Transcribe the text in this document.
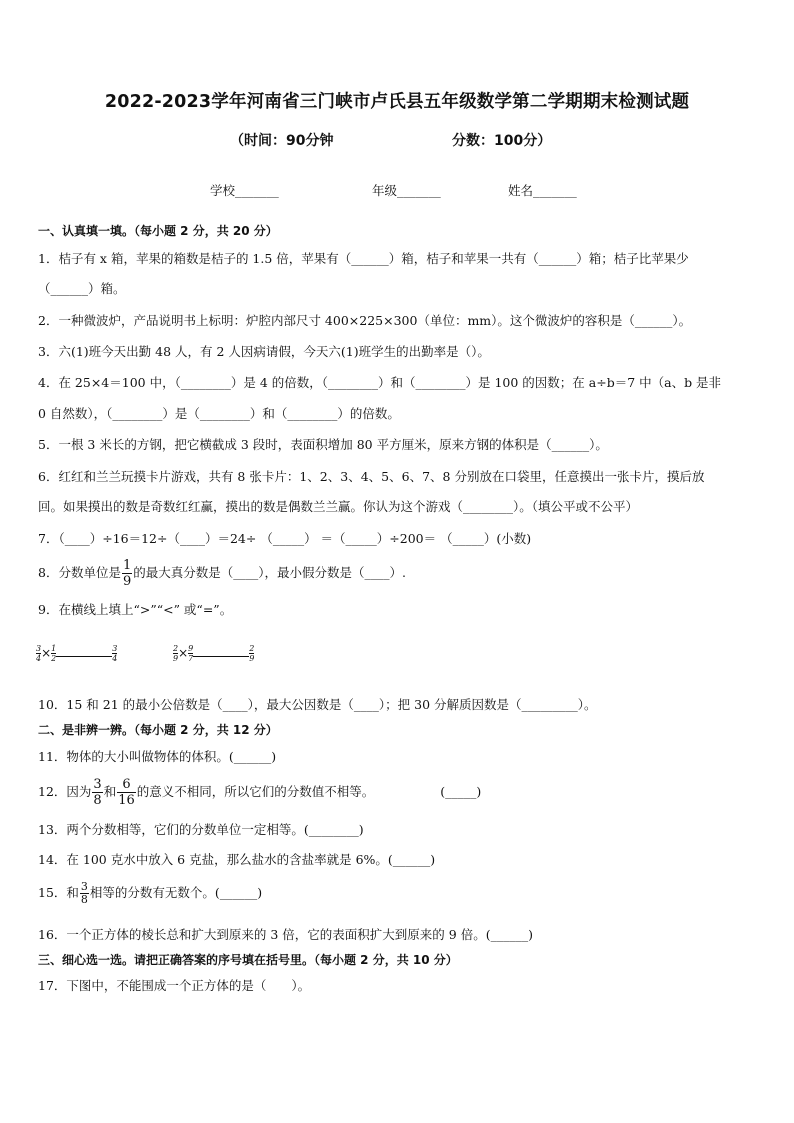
2022-2023学年河南省三门峡市卢氏县五年级数学第二学期期末检测试题
（时间：90分钟	分数：100分）
学校_______	年级_______	姓名_______
一、认真填一填。（每小题 2 分，共 20 分）
1．桔子有 x 箱，苹果的箱数是桔子的 1.5 倍，苹果有（______）箱，桔子和苹果一共有（______）箱；桔子比苹果少
（______）箱。
2．一种微波炉，产品说明书上标明：炉腔内部尺寸 400×225×300（单位：mm）。这个微波炉的容积是（______）。
3．六(1)班今天出勤 48 人，有 2 人因病请假，今天六(1)班学生的出勤率是（）。
4．在 25×4＝100 中，（________）是 4 的倍数，（________）和（________）是 100 的因数；在 a÷b＝7 中（a、b 是非
0 自然数），（________）是（________）和（________）的倍数。
5．一根 3 米长的方钢，把它横截成 3 段时，表面积增加 80 平方厘米，原来方钢的体积是（______）。
6．红红和兰兰玩摸卡片游戏，共有 8 张卡片：1、2、3、4、5、6、7、8 分别放在口袋里，任意摸出一张卡片，摸后放
回。如果摸出的数是奇数红红赢，摸出的数是偶数兰兰赢。你认为这个游戏（________）。（填公平或不公平）
7．（____）÷16＝12÷（____）＝24÷ （_____） ＝（_____）÷200＝ （_____）(小数)
8．分数单位是 $\frac{1}{9}$ 的最大真分数是（____），最小假分数是（____）.
9．在横线上填上“>”“<” 或“=”。
$\frac{3}{4} \times \frac{1}{2}$	$\frac{3}{4}$	$\frac{2}{9} \times \frac{9}{7}$	$\frac{2}{9}$
10．15 和 21 的最小公倍数是（____），最大公因数是（____）；把 30 分解质因数是（_________）。
二、是非辨一辨。（每小题 2 分，共 12 分）
11．物体的大小叫做物体的体积。(______)
12．因为 $\frac{3}{8}$ 和 $\frac{6}{16}$ 的意义不相同，所以它们的分数值不相等。	(_____)
13．两个分数相等，它们的分数单位一定相等。(________)
14．在 100 克水中放入 6 克盐，那么盐水的含盐率就是 6%。(______)
15．和 $\frac{3}{8}$ 相等的分数有无数个。(______)
16．一个正方体的棱长总和扩大到原来的 3 倍，它的表面积扩大到原来的 9 倍。(______)
三、细心选一选。请把正确答案的序号填在括号里。（每小题 2 分，共 10 分）
17．下图中，不能围成一个正方体的是（　　）。
